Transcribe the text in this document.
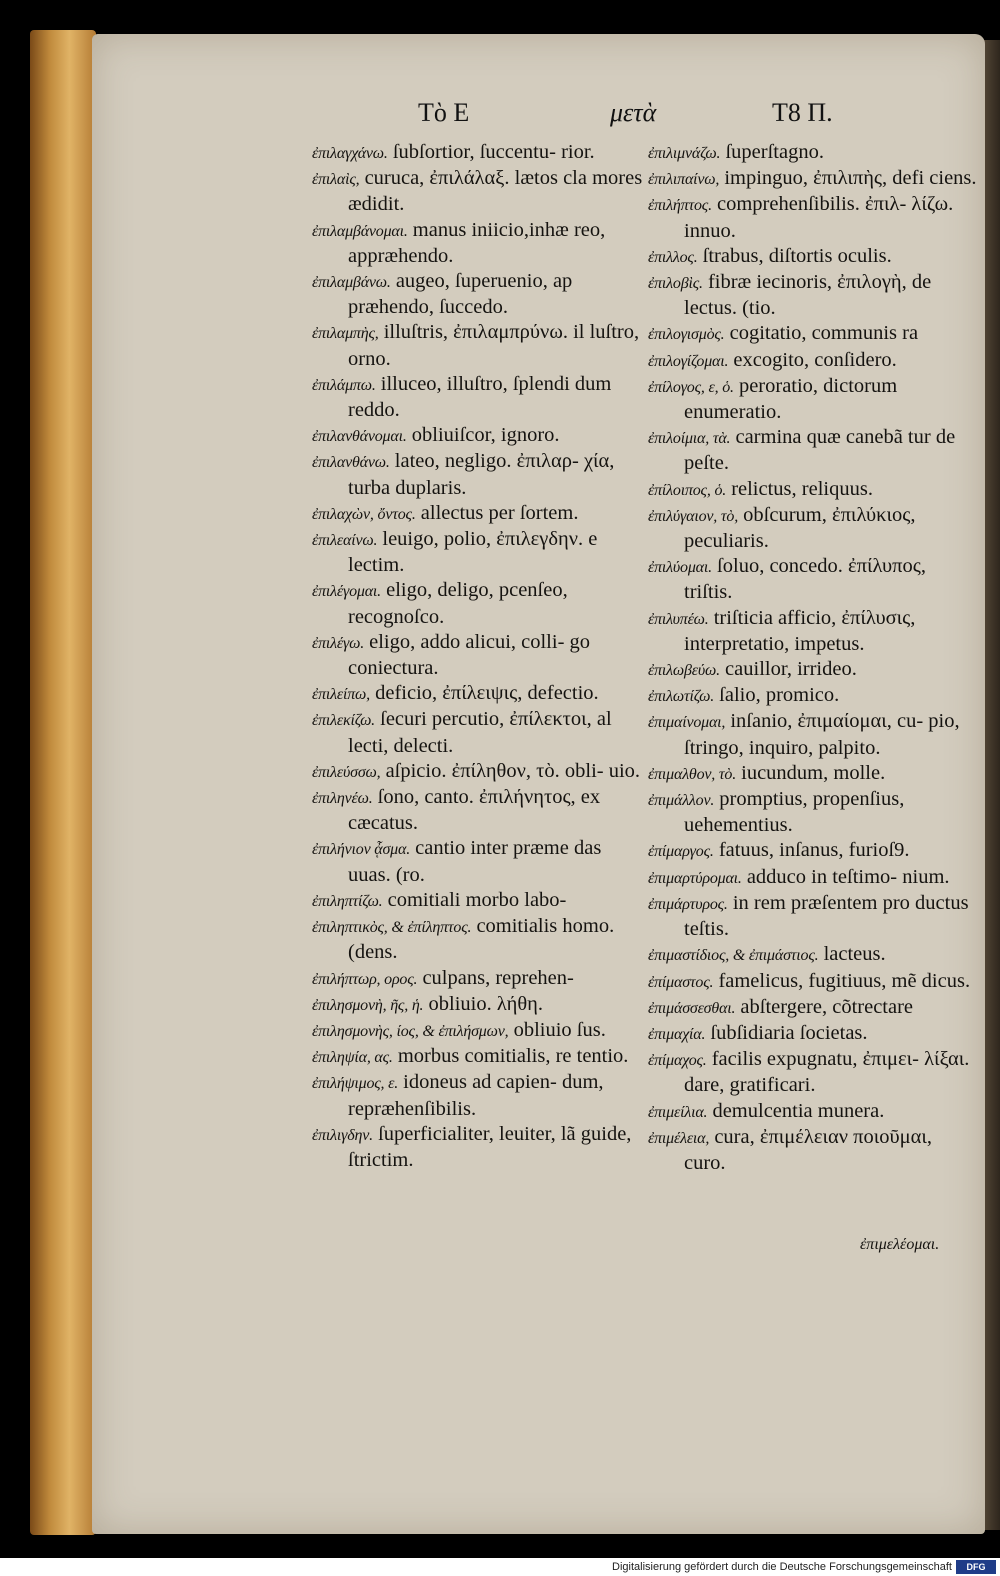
Τὸ Ε	μετὰ	Τ8 Π.

ἐπιλαγχάνω. ſubſortior, ſuccentu- rior.

ἐπιλαὶς, curuca, ἐπιλάλαξ. lætos cla mores ædidit.

ἐπιλαμβάνομαι. manus iniicio,inhæ reo, appræhendo.

ἐπιλαμβάνω. augeo, ſuperuenio, ap præhendo, ſuccedo.

ἐπιλαμπὴς, illuſtris, ἐπιλαμπρύνω. il luſtro, orno.

ἐπιλάμπω. illuceo, illuſtro, ſplendi dum reddo.

ἐπιλανθάνομαι. obliuiſcor, ignoro.

ἐπιλανθάνω. lateo, negligo. ἐπιλαρ- χία, turba duplaris.

ἐπιλαχὼν, ὄντος. allectus per ſortem.

ἐπιλεαίνω. leuigo, polio, ἐπιλεγδην. e lectim.

ἐπιλέγομαι. eligo, deligo, pcenſeo, recognoſco.

ἐπιλέγω. eligo, addo alicui, colli- go coniectura.

ἐπιλείπω, deficio, ἐπίλειψις, defectio.

ἐπιλεκίζω. ſecuri percutio, ἐπίλεκτοι, al lecti, delecti.

ἐπιλεύσσω, aſpicio. ἐπίληθον, τὸ. obli- uio.

ἐπιληνέω. ſono, canto. ἐπιλήνητος, ex cæcatus.

ἐπιλήνιον ᾆσμα. cantio inter præme das uuas. (ro.

ἐπιληπτίζω. comitiali morbo labo-

ἐπιληπτικὸς, & ἐπίληπτος. comitialis homo. (dens.

ἐπιλήπτωρ, ορος. culpans, reprehen-

ἐπιλησμονὴ, ῆς, ἡ. obliuio. λήθη.

ἐπιλησμονὴς, ίος, & ἐπιλήσμων, obliuio ſus.

ἐπιληψία, ας. morbus comitialis, re tentio.

ἐπιλήψιμος, ε. idoneus ad capien- dum, repræhenſibilis.

ἐπιλιγδην. ſuperficialiter, leuiter, lã guide, ſtrictim.

ἐπιλιμνάζω. ſuperſtagno.

ἐπιλιπαίνω, impinguo, ἐπιλιπὴς, defi ciens.

ἐπιλήπτος. comprehenſibilis. ἐπιλ- λίζω. innuo.

ἐπιλλος. ſtrabus, diſtortis oculis.

ἐπιλοβὶς. fibræ iecinoris, ἐπιλογὴ, de lectus. (tio.

ἐπιλογισμὸς. cogitatio, communis ra

ἐπιλογίζομαι. excogito, conſidero.

ἐπίλογος, ε, ὁ. peroratio, dictorum enumeratio.

ἐπιλοίμια, τὰ. carmina quæ canebã tur de peſte.

ἐπίλοιπος, ὁ. relictus, reliquus.

ἐπιλύγαιον, τὸ, obſcurum, ἐπιλύκιος, peculiaris.

ἐπιλύομαι. ſoluo, concedo. ἐπίλυπος, triſtis.

ἐπιλυπέω. triſticia afficio, ἐπίλυσις, interpretatio, impetus.

ἐπιλωβεύω. cauillor, irrideo.

ἐπιλωτίζω. ſalio, promico.

ἐπιμαίνομαι, inſanio, ἐπιμαίομαι, cu- pio, ſtringo, inquiro, palpito.

ἐπιμαλθον, τὸ. iucundum, molle.

ἐπιμάλλον. promptius, propenſius, uehementius.

ἐπίμαργος. fatuus, inſanus, furioſ9.

ἐπιμαρτύρομαι. adduco in teſtimo- nium.

ἐπιμάρτυρος. in rem præſentem pro ductus teſtis.

ἐπιμαστίδιος, & ἐπιμάστιος. lacteus.

ἐπίμαστος. famelicus, fugitiuus, mẽ dicus.

ἐπιμάσσεσθαι. abſtergere, cõtrectare

ἐπιμαχία. ſubſidiaria ſocietas.

ἐπίμαχος. facilis expugnatu, ἐπιμει- λίξαι. dare, gratificari.

ἐπιμείλια. demulcentia munera.

ἐπιμέλεια, cura, ἐπιμέλειαν ποιοῦμαι, curo.

ἐπιμελέομαι.
Digitalisierung gefördert durch die Deutsche Forschungsgemeinschaft	DFG
